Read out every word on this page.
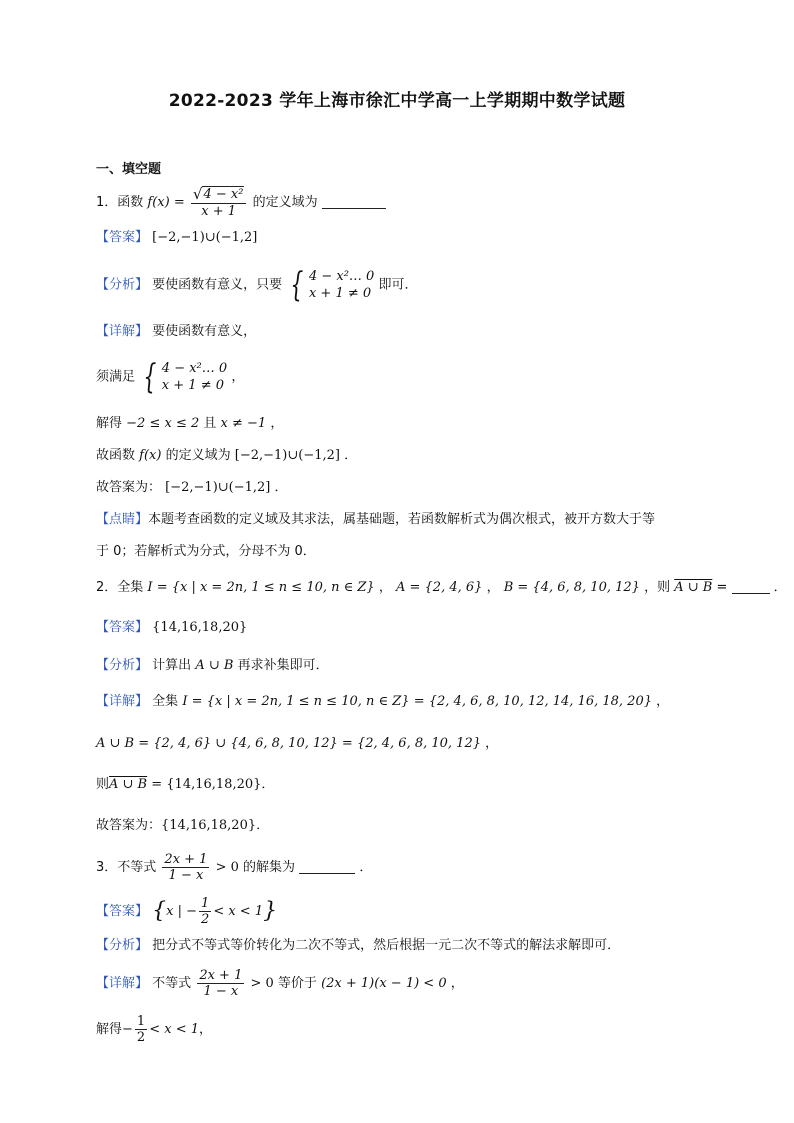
2022-2023 学年上海市徐汇中学高一上学期期中数学试题
一、填空题
1．函数 $f(x) = \frac{\text{√ 4 − x²}}{x + 1}$ 的定义域为
【答案】 [−2,−1)∪(−1,2]
【分析】 要使函数有意义，只要 { 4 − x²… 0
x + 1 ≠ 0
即可．
【详解】 要使函数有意义，
须满足 { 4 − x²… 0
x + 1 ≠ 0
，
解得 −2 ≤ x ≤ 2 且 x ≠ −1 ，
故函数 f(x) 的定义域为 [−2,−1)∪(−1,2] ．
故答案为： [−2,−1)∪(−1,2] ．
【点睛】本题考查函数的定义域及其求法，属基础题，若函数解析式为偶次根式，被开方数大于等
于 0；若解析式为分式，分母不为 0．
2．全集 I = {x | x = 2n, 1 ≤ n ≤ 10, n ∈ Z} ， A = {2, 4, 6} ， B = {4, 6, 8, 10, 12} ，则 A ∪ B =	．
【答案】 {14,16,18,20}
【分析】 计算出 A ∪ B 再求补集即可．
【详解】 全集 I = {x | x = 2n, 1 ≤ n ≤ 10, n ∈ Z} = {2, 4, 6, 8, 10, 12, 14, 16, 18, 20} ，
A ∪ B = {2, 4, 6} ∪ {4, 6, 8, 10, 12} = {2, 4, 6, 8, 10, 12} ，
则A ∪ B = {14,16,18,20}．
故答案为：{14,16,18,20}．
3．不等式 $\frac{2x + 1}{1 - x} > 0$ 的解集为	．
【答案】 {x | − $\frac{1}{2} < x < 1$}
【分析】 把分式不等式等价转化为二次不等式，然后根据一元二次不等式的解法求解即可．
【详解】 不等式 $\frac{2x + 1}{1 - x} > 0$ 等价于 (2x + 1)(x − 1) < 0 ，
解得− $\frac{1}{2} < x < 1$，
